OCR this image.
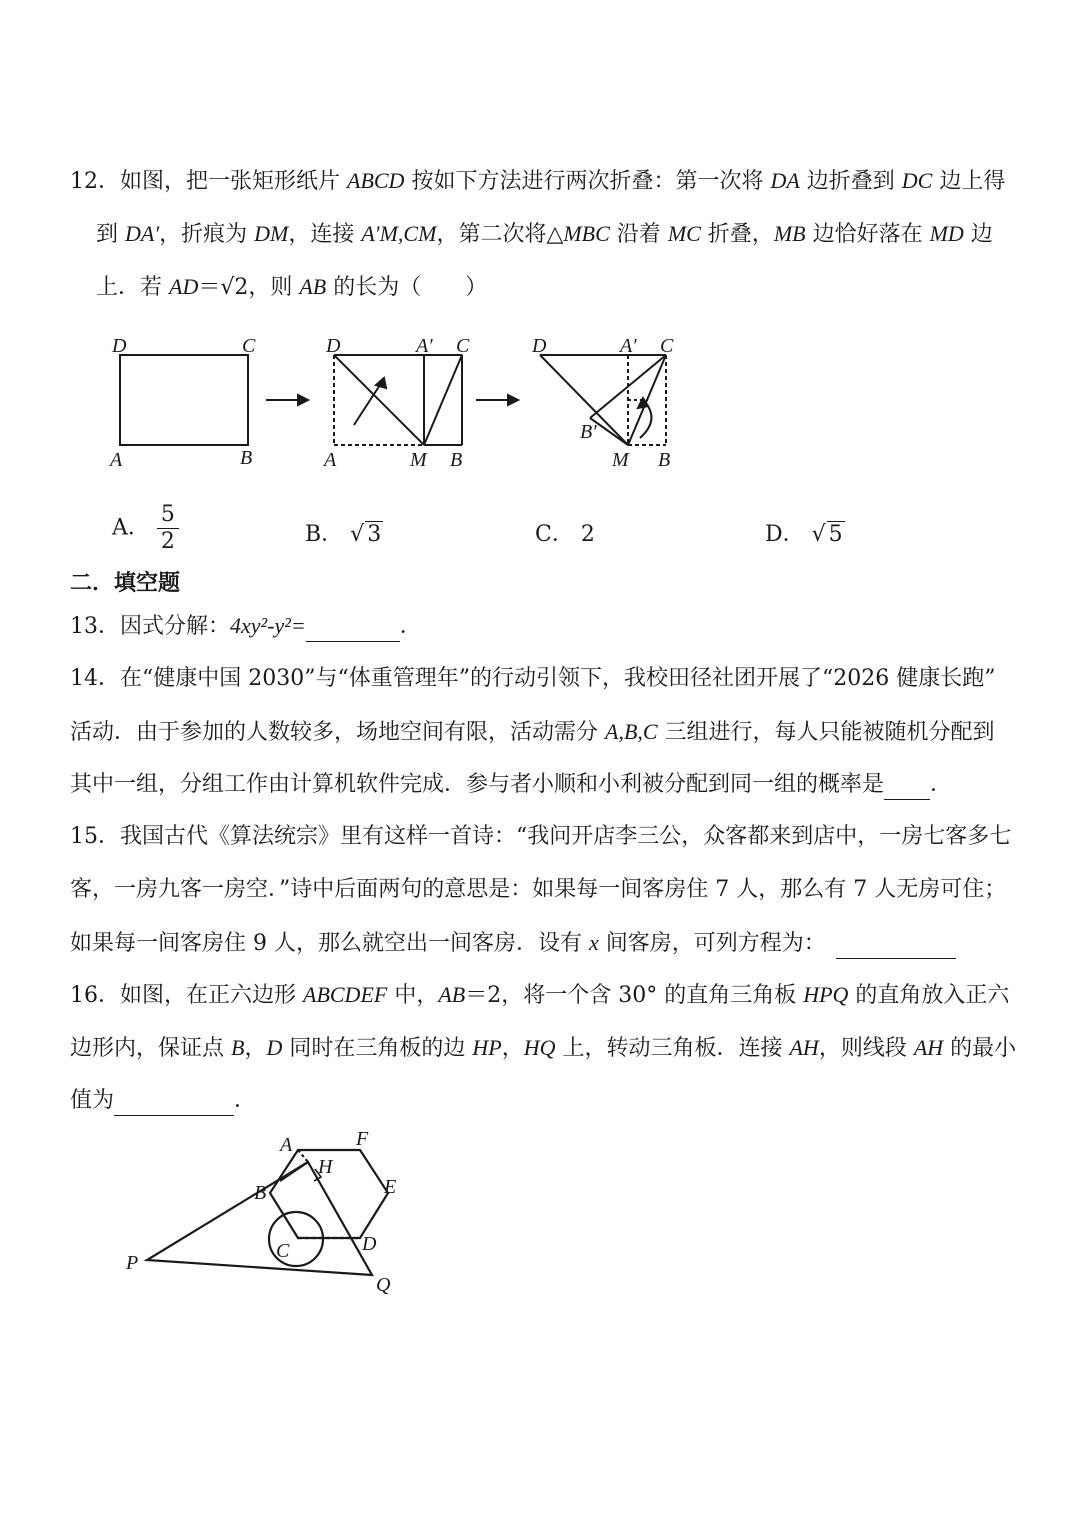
12．如图，把一张矩形纸片 ABCD 按如下方法进行两次折叠：第一次将 DA 边折叠到 DC 边上得
到 DA′，折痕为 DM，连接 A′M,CM，第二次将△MBC 沿着 MC 折叠，MB 边恰好落在 MD 边
上．若 AD＝√2，则 AB 的长为（　　）
D	C
A	B
D	A′ C
A	M B
D	A′ C
B′
M B
A． $\frac{5}{2}$	B． √ 3	C． 2	D． √ 5
二．填空题
13．因式分解：4xy²-y²=	．
14．在“健康中国 2030”与“体重管理年”的行动引领下，我校田径社团开展了“2026 健康长跑”
活动．由于参加的人数较多，场地空间有限，活动需分 A,B,C 三组进行，每人只能被随机分配到
其中一组，分组工作由计算机软件完成．参与者小顺和小利被分配到同一组的概率是 ．
15．我国古代《算法统宗》里有这样一首诗：“我问开店李三公，众客都来到店中，一房七客多七
客，一房九客一房空．”诗中后面两句的意思是：如果每一间客房住 7 人，那么有 7 人无房可住；
如果每一间客房住 9 人，那么就空出一间客房．设有 x 间客房，可列方程为：
16．如图，在正六边形 ABCDEF 中，AB＝2，将一个含 30° 的直角三角板 HPQ 的直角放入正六
边形内，保证点 B，D 同时在三角板的边 HP，HQ 上，转动三角板．连接 AH，则线段 AH 的最小
值为	．
A	F
H
B	E
C	D
P
Q
